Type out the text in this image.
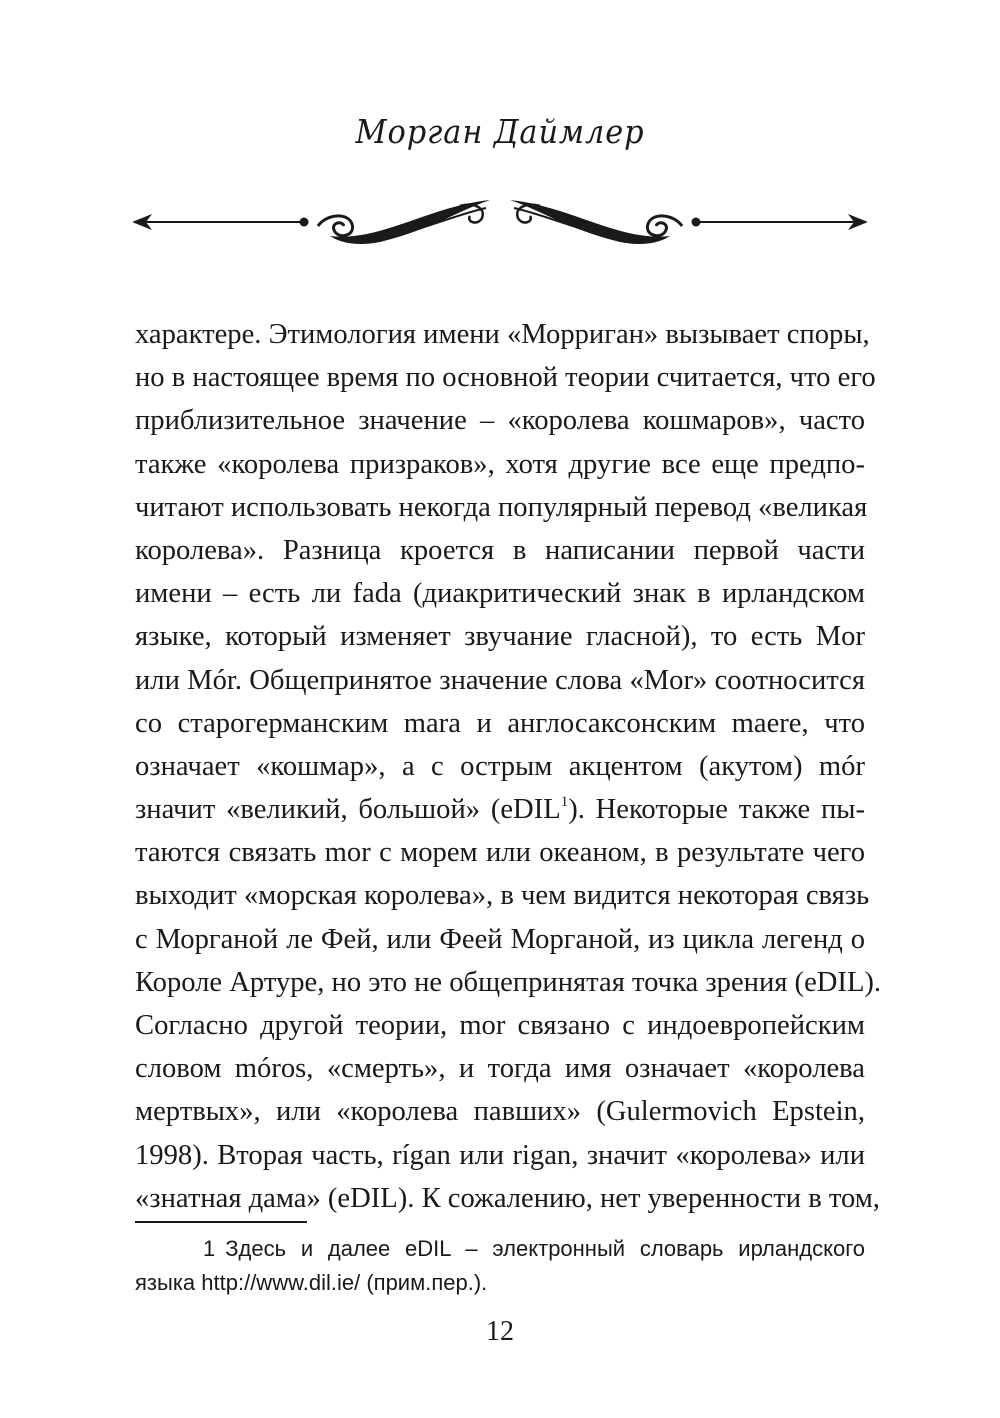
Морган Даймлер
характере. Этимология имени «Морриган» вызывает споры,
но в настоящее время по основной теории считается, что его
приблизительное значение – «королева кошмаров», часто
также «королева призраков», хотя другие все еще предпо-
читают использовать некогда популярный перевод «великая
королева». Разница кроется в написании первой части
имени – есть ли fada (диакритический знак в ирландском
языке, который изменяет звучание гласной), то есть Mor
или Mór. Общепринятое значение слова «Mor» соотносится
со старогерманским mara и англосаксонским maere, что
означает «кошмар», а с острым акцентом (акутом) mór
значит «великий, большой» (eDIL$^1$). Некоторые также пы-
таются связать mor с морем или океаном, в результате чего
выходит «морская королева», в чем видится некоторая связь
с Морганой ле Фей, или Феей Морганой, из цикла легенд о
Короле Артуре, но это не общепринятая точка зрения (eDIL).
Согласно другой теории, mor связано с индоевропейским
словом móros, «смерть», и тогда имя означает «королева
мертвых», или «королева павших» (Gulermovich Epstein,
1998). Вторая часть, rígan или rigan, значит «королева» или
«знатная дама» (eDIL). К сожалению, нет уверенности в том,
1 Здесь и далее eDIL – электронный словарь ирландского
языка http://www.dil.ie/ (прим.пер.).
12
